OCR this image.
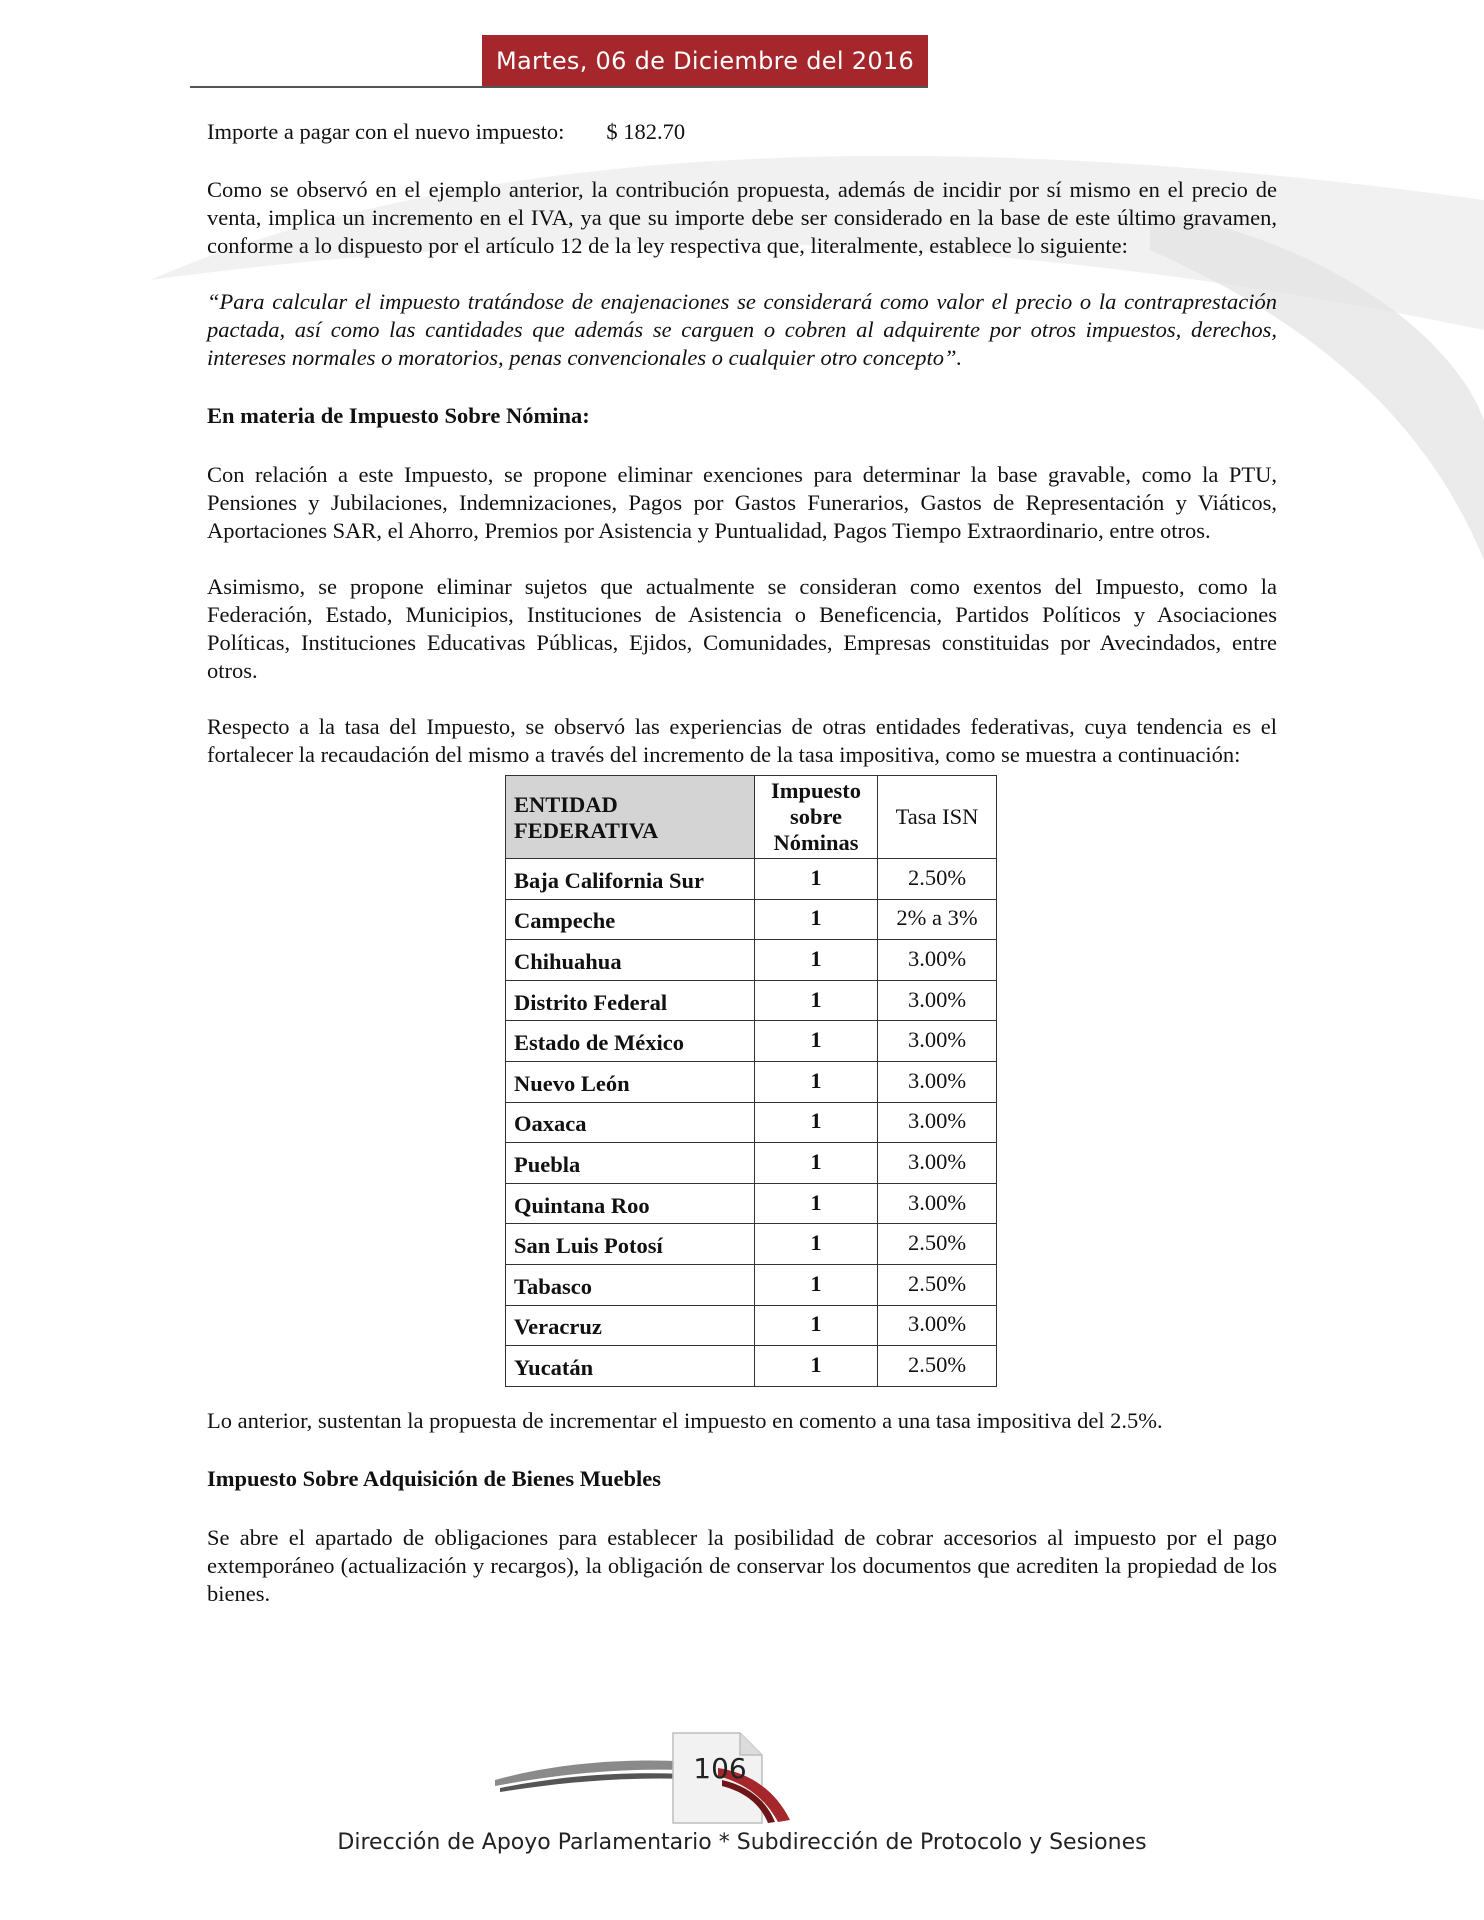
Martes, 06 de Diciembre del 2016

Importe a pagar con el nuevo impuesto: $ 182.70

Como se observó en el ejemplo anterior, la contribución propuesta, además de incidir por sí mismo en el precio de venta, implica un incremento en el IVA, ya que su importe debe ser considerado en la base de este último gravamen, conforme a lo dispuesto por el artículo 12 de la ley respectiva que, literalmente, establece lo siguiente:

“Para calcular el impuesto tratándose de enajenaciones se considerará como valor el precio o la contraprestación pactada, así como las cantidades que además se carguen o cobren al adquirente por otros impuestos, derechos, intereses normales o moratorios, penas convencionales o cualquier otro concepto”.

En materia de Impuesto Sobre Nómina:

Con relación a este Impuesto, se propone eliminar exenciones para determinar la base gravable, como la PTU, Pensiones y Jubilaciones, Indemnizaciones, Pagos por Gastos Funerarios, Gastos de Representación y Viáticos, Aportaciones SAR, el Ahorro, Premios por Asistencia y Puntualidad, Pagos Tiempo Extraordinario, entre otros.

Asimismo, se propone eliminar sujetos que actualmente se consideran como exentos del Impuesto, como la Federación, Estado, Municipios, Instituciones de Asistencia o Beneficencia, Partidos Políticos y Asociaciones Políticas, Instituciones Educativas Públicas, Ejidos, Comunidades, Empresas constituidas por Avecindados, entre otros.

Respecto a la tasa del Impuesto, se observó las experiencias de otras entidades federativas, cuya tendencia es el fortalecer la recaudación del mismo a través del incremento de la tasa impositiva, como se muestra a continuación:

ENTIDAD
FEDERATIVA	Impuesto
sobre
Nóminas	Tasa ISN
Baja California Sur	1	2.50%
Campeche	1	2% a 3%
Chihuahua	1	3.00%
Distrito Federal	1	3.00%
Estado de México	1	3.00%
Nuevo León	1	3.00%
Oaxaca	1	3.00%
Puebla	1	3.00%
Quintana Roo	1	3.00%
San Luis Potosí	1	2.50%
Tabasco	1	2.50%
Veracruz	1	3.00%
Yucatán	1	2.50%

Lo anterior, sustentan la propuesta de incrementar el impuesto en comento a una tasa impositiva del 2.5%.

Impuesto Sobre Adquisición de Bienes Muebles

Se abre el apartado de obligaciones para establecer la posibilidad de cobrar accesorios al impuesto por el pago extemporáneo (actualización y recargos), la obligación de conservar los documentos que acrediten la propiedad de los bienes.

106
Dirección de Apoyo Parlamentario * Subdirección de Protocolo y Sesiones
